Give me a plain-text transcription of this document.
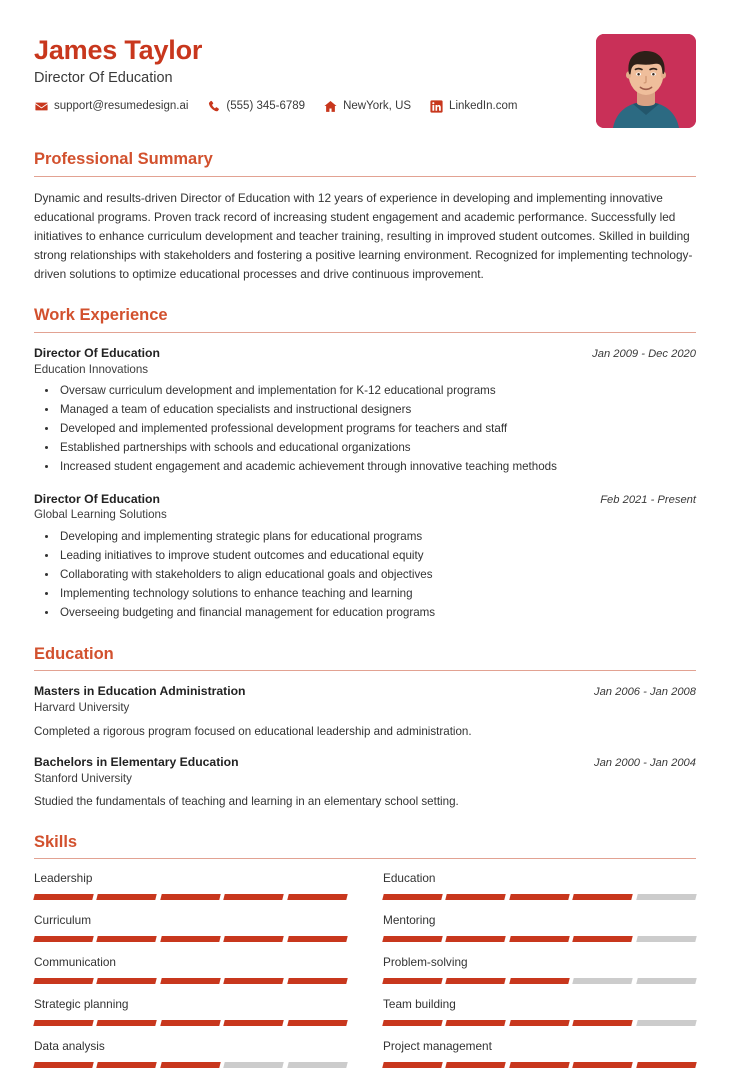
James Taylor
Director Of Education
support@resumedesign.ai	(555) 345-6789	NewYork, US	LinkedIn.com
Professional Summary

Dynamic and results-driven Director of Education with 12 years of experience in developing and implementing innovative educational programs. Proven track record of increasing student engagement and academic performance. Successfully led initiatives to enhance curriculum development and teacher training, resulting in improved student outcomes. Skilled in building strong relationships with stakeholders and fostering a positive learning environment. Recognized for implementing technology-driven solutions to optimize educational processes and drive continuous improvement.

Work Experience
Director Of Education	Jan 2009 - Dec 2020
Education Innovations
• Oversaw curriculum development and implementation for K-12 educational programs
• Managed a team of education specialists and instructional designers
• Developed and implemented professional development programs for teachers and staff
• Established partnerships with schools and educational organizations
• Increased student engagement and academic achievement through innovative teaching methods
Director Of Education	Feb 2021 - Present
Global Learning Solutions
• Developing and implementing strategic plans for educational programs
• Leading initiatives to improve student outcomes and educational equity
• Collaborating with stakeholders to align educational goals and objectives
• Implementing technology solutions to enhance teaching and learning
• Overseeing budgeting and financial management for education programs
Education
Masters in Education Administration	Jan 2006 - Jan 2008
Harvard University
Completed a rigorous program focused on educational leadership and administration.
Bachelors in Elementary Education	Jan 2000 - Jan 2004
Stanford University
Studied the fundamentals of teaching and learning in an elementary school setting.
Skills
Leadership	Education
Curriculum	Mentoring
Communication	Problem-solving
Strategic planning	Team building
Data analysis	Project management
